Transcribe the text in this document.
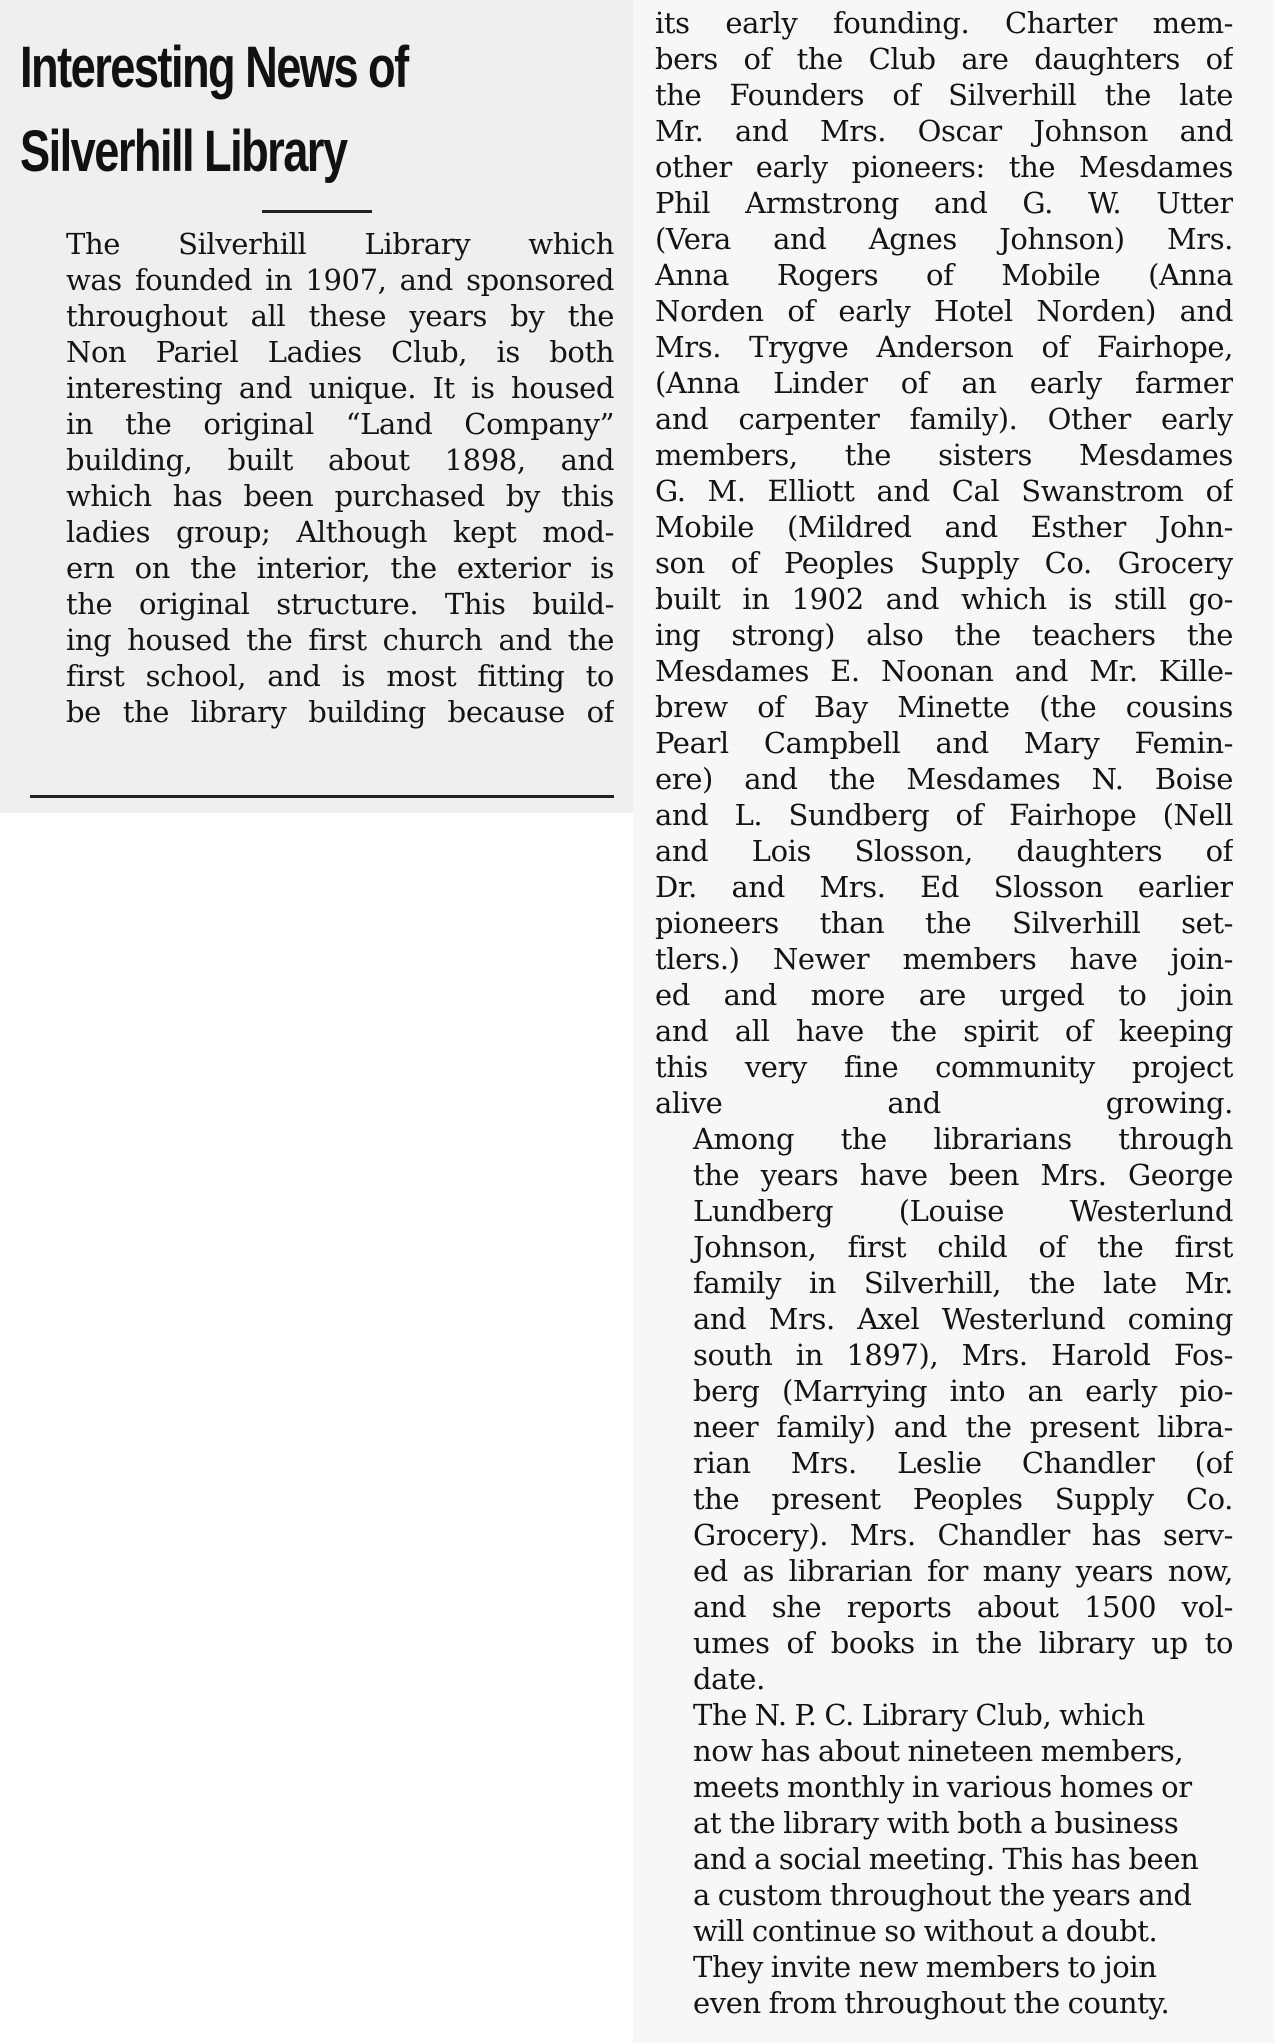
Interesting News of
Silverhill Library

The Silverhill Library which
was founded in 1907, and sponsored
throughout all these years by the
Non Pariel Ladies Club, is both
interesting and unique. It is housed
in the original “Land Company”
building, built about 1898, and
which has been purchased by this
ladies group; Although kept mod-
ern on the interior, the exterior is
the original structure. This build-
ing housed the first church and the
first school, and is most fitting to
be the library building because of

its early founding. Charter mem-
bers of the Club are daughters of
the Founders of Silverhill the late
Mr. and Mrs. Oscar Johnson and
other early pioneers: the Mesdames
Phil Armstrong and G. W. Utter
(Vera and Agnes Johnson) Mrs.
Anna Rogers of Mobile (Anna
Norden of early Hotel Norden) and
Mrs. Trygve Anderson of Fairhope,
(Anna Linder of an early farmer
and carpenter family). Other early
members, the sisters Mesdames
G. M. Elliott and Cal Swanstrom of
Mobile (Mildred and Esther John-
son of Peoples Supply Co. Grocery
built in 1902 and which is still go-
ing strong) also the teachers the
Mesdames E. Noonan and Mr. Kille-
brew of Bay Minette (the cousins
Pearl Campbell and Mary Femin-
ere) and the Mesdames N. Boise
and L. Sundberg of Fairhope (Nell
and Lois Slosson, daughters of
Dr. and Mrs. Ed Slosson earlier
pioneers than the Silverhill set-
tlers.) Newer members have join-
ed and more are urged to join
and all have the spirit of keeping
this very fine community project
alive and growing.

Among the librarians through
the years have been Mrs. George
Lundberg (Louise Westerlund
Johnson, first child of the first
family in Silverhill, the late Mr.
and Mrs. Axel Westerlund coming
south in 1897), Mrs. Harold Fos-
berg (Marrying into an early pio-
neer family) and the present libra-
rian Mrs. Leslie Chandler (of
the present Peoples Supply Co.
Grocery). Mrs. Chandler has serv-
ed as librarian for many years now,
and she reports about 1500 vol-
umes of books in the library up to
date.

The N. P. C. Library Club, which
now has about nineteen members,
meets monthly in various homes or
at the library with both a business
and a social meeting. This has been
a custom throughout the years and
will continue so without a doubt.
They invite new members to join
even from throughout the county.
